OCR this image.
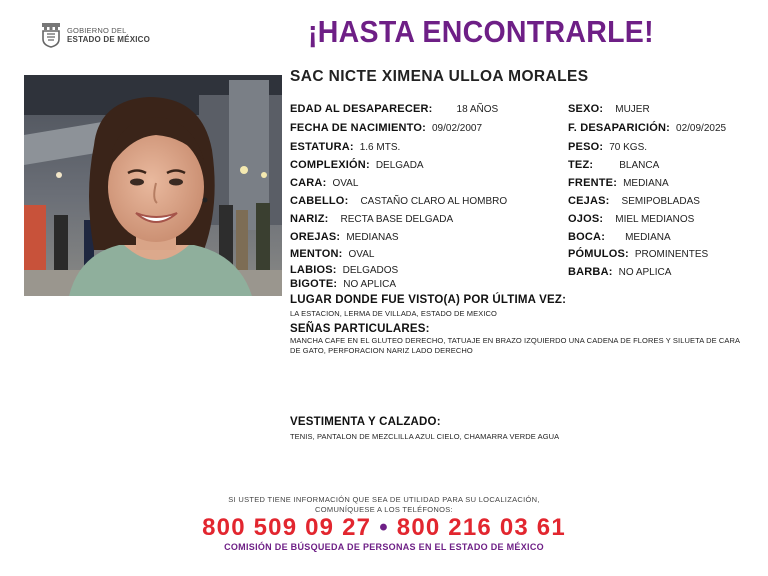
GOBIERNO DEL
ESTADO DE MÉXICO	¡HASTA ENCONTRARLE!
SAC NICTE XIMENA ULLOA MORALES
EDAD AL DESAPARECER: 18 AÑOS
FECHA DE NACIMIENTO: 09/02/2007
ESTATURA: 1.6 MTS.
COMPLEXIÓN: DELGADA
CARA: OVAL
CABELLO: CASTAÑO CLARO AL HOMBRO
NARIZ: RECTA BASE DELGADA
OREJAS: MEDIANAS
MENTON: OVAL
LABIOS: DELGADOS
BIGOTE: NO APLICA
SEXO: MUJER
F. DESAPARICIÓN: 02/09/2025
PESO: 70 KGS.
TEZ:	BLANCA
FRENTE: MEDIANA
CEJAS: SEMIPOBLADAS
OJOS: MIEL MEDIANOS
BOCA: MEDIANA
PÓMULOS: PROMINENTES
BARBA: NO APLICA
LUGAR DONDE FUE VISTO(A) POR ÚLTIMA VEZ:
LA ESTACION, LERMA DE VILLADA, ESTADO DE MEXICO
SEÑAS PARTICULARES:
MANCHA CAFE EN EL GLUTEO DERECHO, TATUAJE EN BRAZO IZQUIERDO UNA CADENA DE FLORES Y SILUETA DE CARA
DE GATO, PERFORACION NARIZ LADO DERECHO
VESTIMENTA Y CALZADO:
TENIS, PANTALON DE MEZCLILLA AZUL CIELO, CHAMARRA VERDE AGUA
SI USTED TIENE INFORMACIÓN QUE SEA DE UTILIDAD PARA SU LOCALIZACIÓN,
COMUNÍQUESE A LOS TELÉFONOS:
800 509 09 27 • 800 216 03 61
COMISIÓN DE BÚSQUEDA DE PERSONAS EN EL ESTADO DE MÉXICO
